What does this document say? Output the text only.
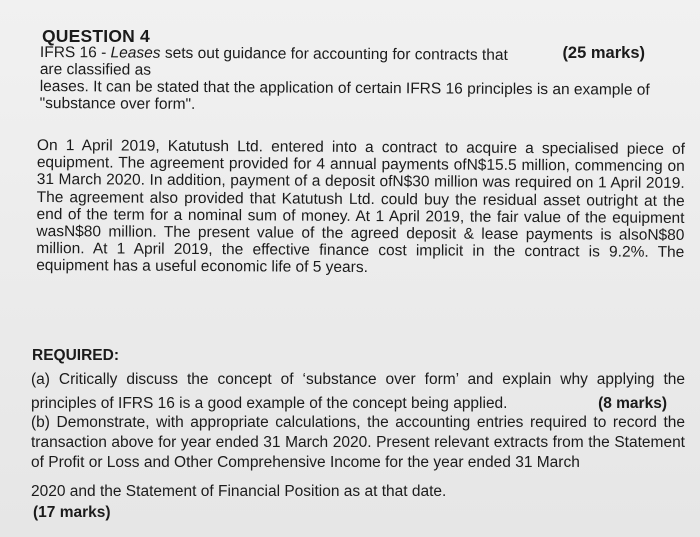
QUESTION 4
(25 marks)
IFRS 16 - Leases sets out guidance for accounting for contracts that are classified as
leases. It can be stated that the application of certain IFRS 16 principles is an example of "substance over form".
On 1 April 2019, Katutush Ltd. entered into a contract to acquire a specialised piece of equipment. The agreement provided for 4 annual payments ofN$15.5 million, commencing on 31 March 2020. In addition, payment of a deposit ofN$30 million was required on 1 April 2019. The agreement also provided that Katutush Ltd. could buy the residual asset outright at the end of the term for a nominal sum of money. At 1 April 2019, the fair value of the equipment wasN$80 million. The present value of the agreed deposit & lease payments is alsoN$80 million. At 1 April 2019, the effective finance cost implicit in the contract is 9.2%. The equipment has a useful economic life of 5 years.
REQUIRED:
(a) Critically discuss the concept of ‘substance over form’ and explain why applying the
principles of IFRS 16 is a good example of the concept being applied.	(8 marks)
(b) Demonstrate, with appropriate calculations, the accounting entries required to record the transaction above for year ended 31 March 2020. Present relevant extracts from the Statement of Profit or Loss and Other Comprehensive Income for the year ended 31 March
2020 and the Statement of Financial Position as at that date.
(17 marks)
